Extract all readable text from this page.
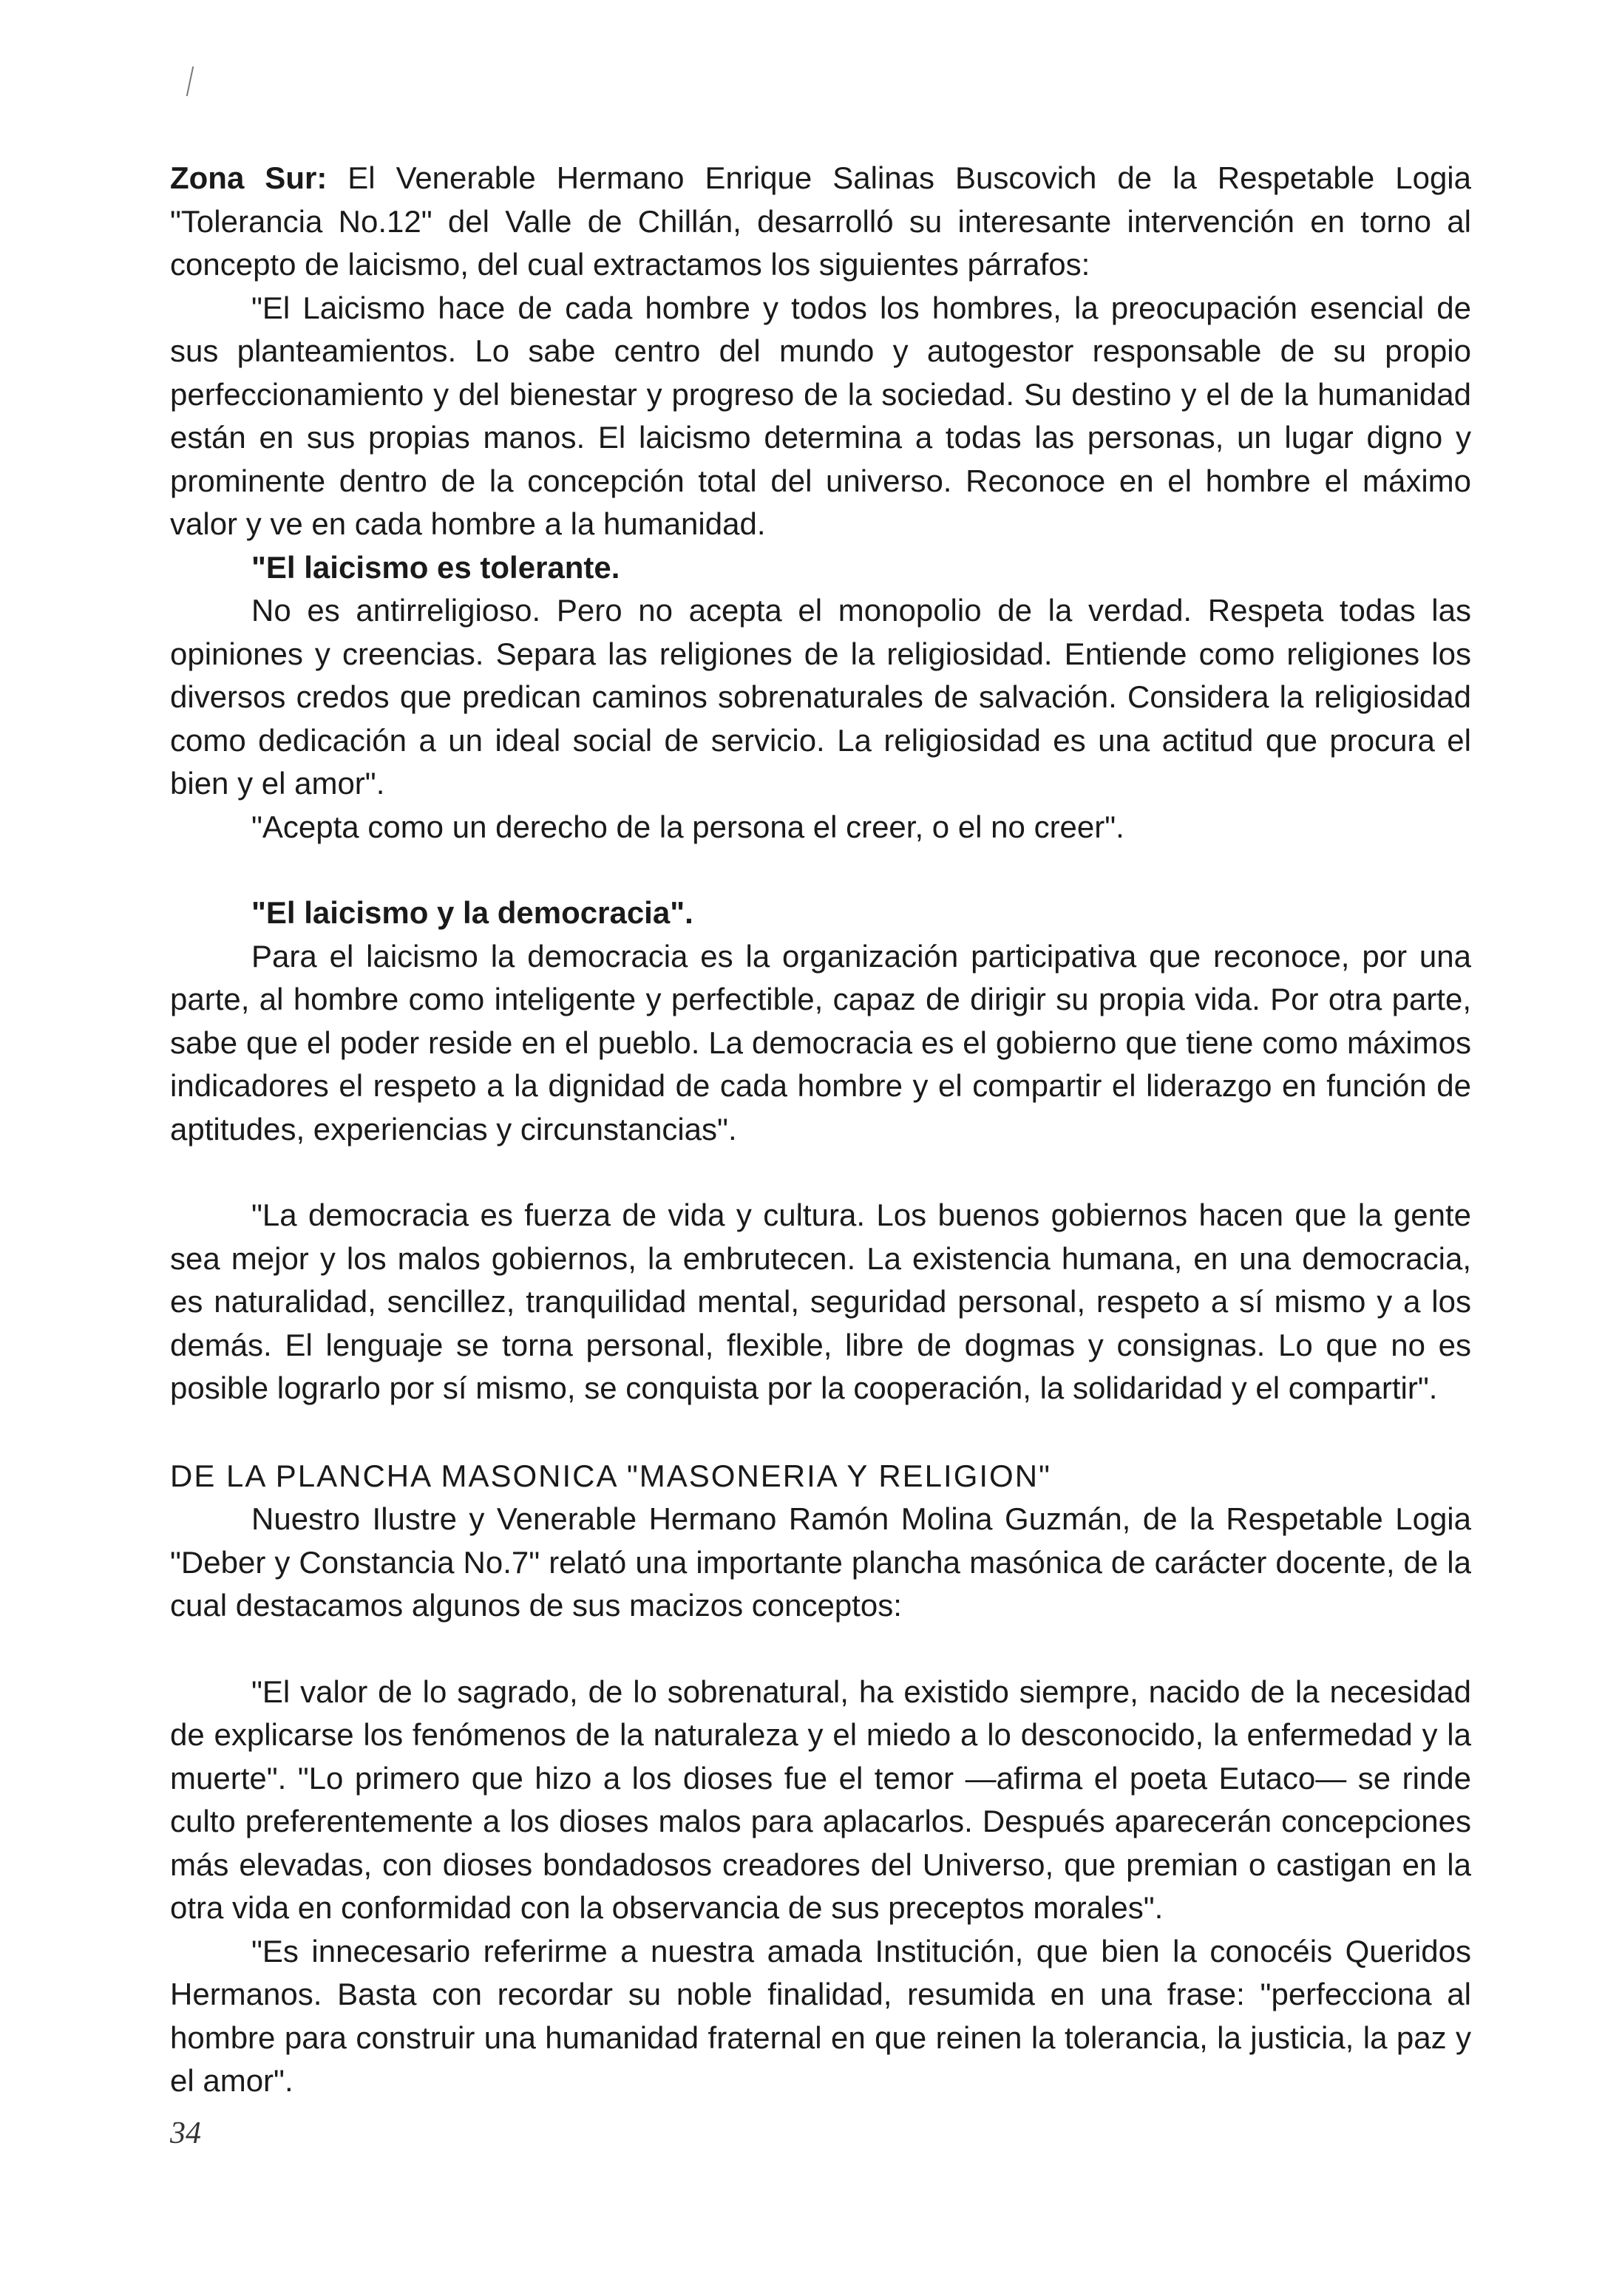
Zona Sur: El Venerable Hermano Enrique Salinas Buscovich de la Respetable Logia "Tolerancia No.12" del Valle de Chillán, desarrolló su interesante intervención en torno al concepto de laicismo, del cual extractamos los siguientes párrafos:

"El Laicismo hace de cada hombre y todos los hombres, la preocupación esencial de sus planteamientos. Lo sabe centro del mundo y autogestor responsable de su propio perfeccionamiento y del bienestar y progreso de la sociedad. Su destino y el de la humanidad están en sus propias manos. El laicismo determina a todas las personas, un lugar digno y prominente dentro de la concepción total del universo. Reconoce en el hombre el máximo valor y ve en cada hombre a la humanidad.

"El laicismo es tolerante.

No es antirreligioso. Pero no acepta el monopolio de la verdad. Respeta todas las opiniones y creencias. Separa las religiones de la religiosidad. Entiende como religiones los diversos credos que predican caminos sobrenaturales de salvación. Considera la religiosidad como dedicación a un ideal social de servicio. La religiosidad es una actitud que procura el bien y el amor".

"Acepta como un derecho de la persona el creer, o el no creer".

"El laicismo y la democracia".

Para el laicismo la democracia es la organización participativa que reconoce, por una parte, al hombre como inteligente y perfectible, capaz de dirigir su propia vida. Por otra parte, sabe que el poder reside en el pueblo. La democracia es el gobierno que tiene como máximos indicadores el respeto a la dignidad de cada hombre y el compartir el liderazgo en función de aptitudes, experiencias y circunstancias".

"La democracia es fuerza de vida y cultura. Los buenos gobiernos hacen que la gente sea mejor y los malos gobiernos, la embrutecen. La existencia humana, en una democracia, es naturalidad, sencillez, tranquilidad mental, seguridad personal, respeto a sí mismo y a los demás. El lenguaje se torna personal, flexible, libre de dogmas y consignas. Lo que no es posible lograrlo por sí mismo, se conquista por la cooperación, la solidaridad y el compartir".

DE LA PLANCHA MASONICA "MASONERIA Y RELIGION"

Nuestro Ilustre y Venerable Hermano Ramón Molina Guzmán, de la Respetable Logia "Deber y Constancia No.7" relató una importante plancha masónica de carácter docente, de la cual destacamos algunos de sus macizos conceptos:

"El valor de lo sagrado, de lo sobrenatural, ha existido siempre, nacido de la necesidad de explicarse los fenómenos de la naturaleza y el miedo a lo desconocido, la enfermedad y la muerte". "Lo primero que hizo a los dioses fue el temor —afirma el poeta Eutaco— se rinde culto preferentemente a los dioses malos para aplacarlos. Después aparecerán concepciones más elevadas, con dioses bondadosos creadores del Universo, que premian o castigan en la otra vida en conformidad con la observancia de sus preceptos morales".

"Es innecesario referirme a nuestra amada Institución, que bien la conocéis Queridos Hermanos. Basta con recordar su noble finalidad, resumida en una frase: "perfecciona al hombre para construir una humanidad fraternal en que reinen la tolerancia, la justicia, la paz y el amor".

34
